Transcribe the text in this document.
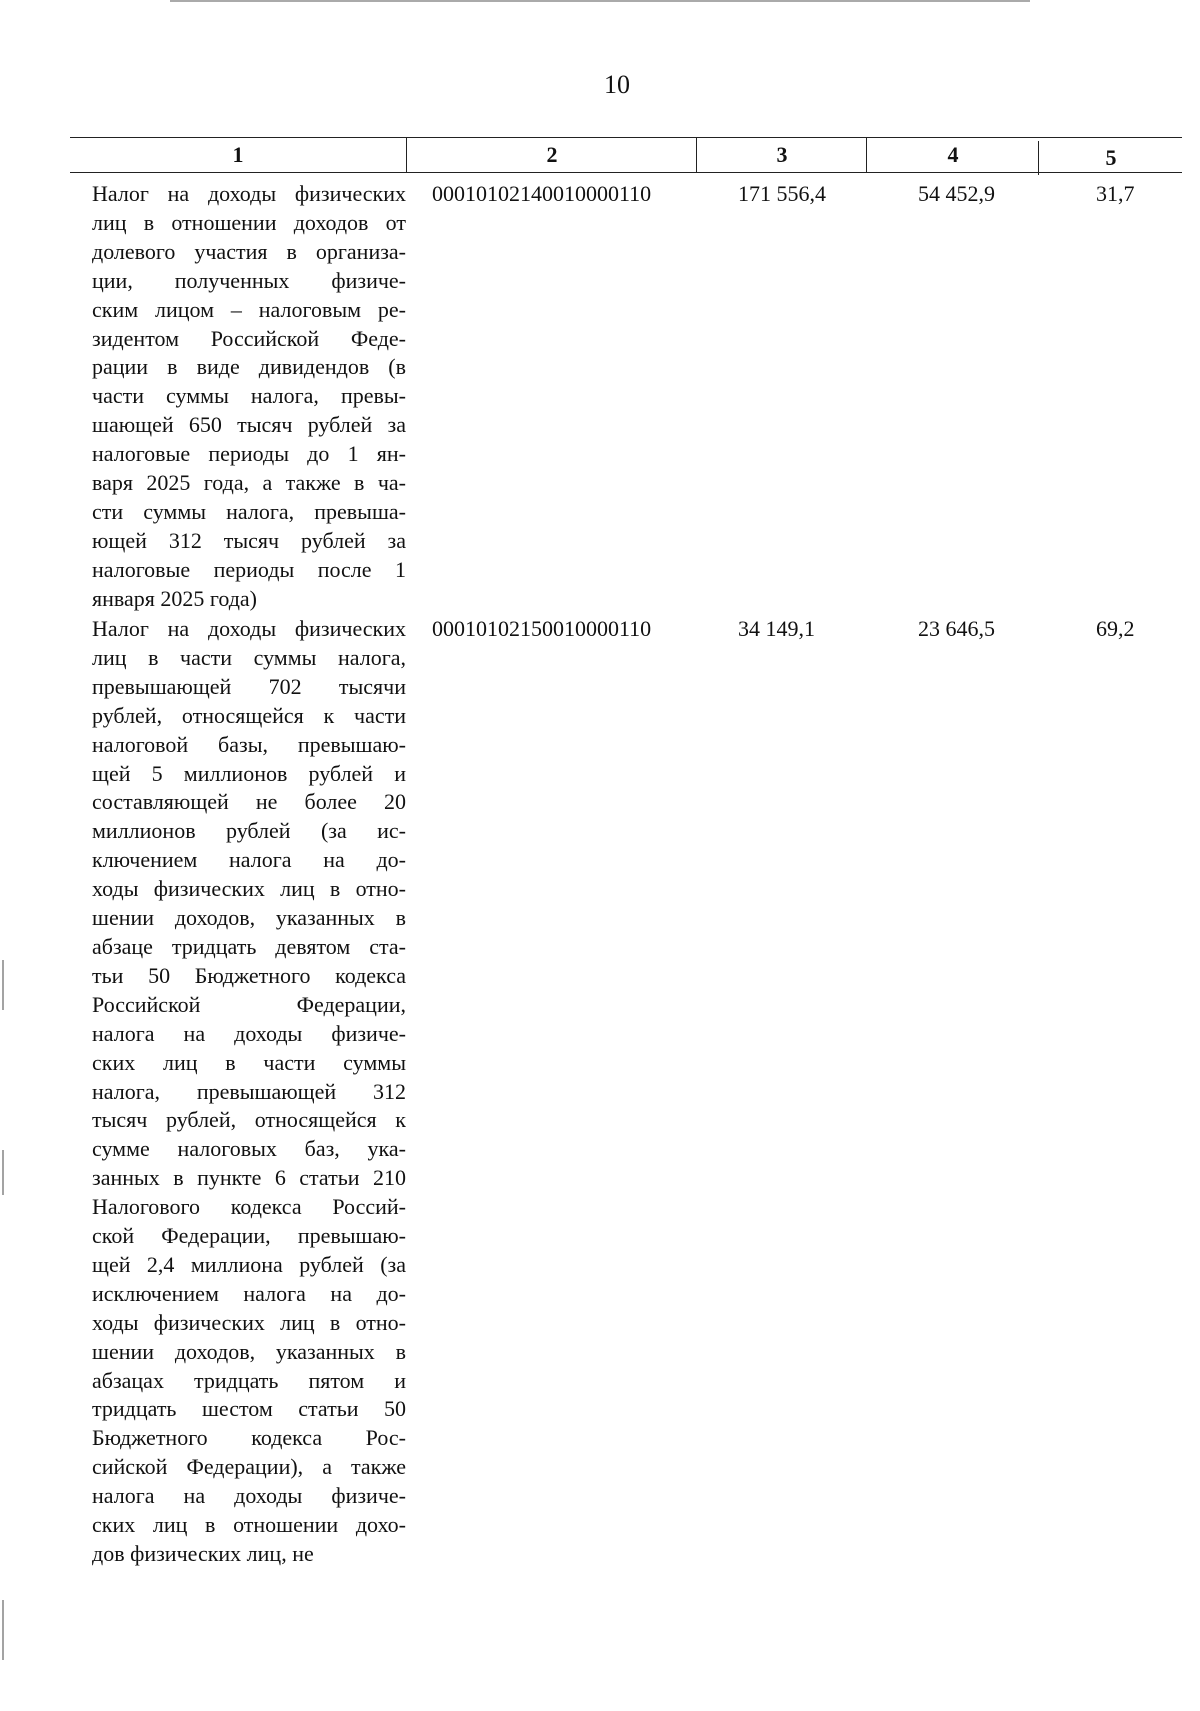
10
1	2	3	4	5
Налог на доходы физических
лиц в отношении доходов от
долевого участия в организа-
ции, полученных физиче-
ским лицом – налоговым ре-
зидентом Российской Феде-
рации в виде дивидендов (в
части суммы налога, превы-
шающей 650 тысяч рублей за
налоговые периоды до 1 ян-
варя 2025 года, а также в ча-
сти суммы налога, превыша-
ющей 312 тысяч рублей за
налоговые периоды после 1
января 2025 года)
00010102140010000110	171 556,4	54 452,9	31,7
Налог на доходы физических
лиц в части суммы налога,
превышающей 702 тысячи
рублей, относящейся к части
налоговой базы, превышаю-
щей 5 миллионов рублей и
составляющей не более 20
миллионов рублей (за ис-
ключением налога на до-
ходы физических лиц в отно-
шении доходов, указанных в
абзаце тридцать девятом ста-
тьи 50 Бюджетного кодекса
Российской Федерации,
налога на доходы физиче-
ских лиц в части суммы
налога, превышающей 312
тысяч рублей, относящейся к
сумме налоговых баз, ука-
занных в пункте 6 статьи 210
Налогового кодекса Россий-
ской Федерации, превышаю-
щей 2,4 миллиона рублей (за
исключением налога на до-
ходы физических лиц в отно-
шении доходов, указанных в
абзацах тридцать пятом и
тридцать шестом статьи 50
Бюджетного кодекса Рос-
сийской Федерации), а также
налога на доходы физиче-
ских лиц в отношении дохо-
дов физических лиц, не
00010102150010000110	34 149,1	23 646,5	69,2
